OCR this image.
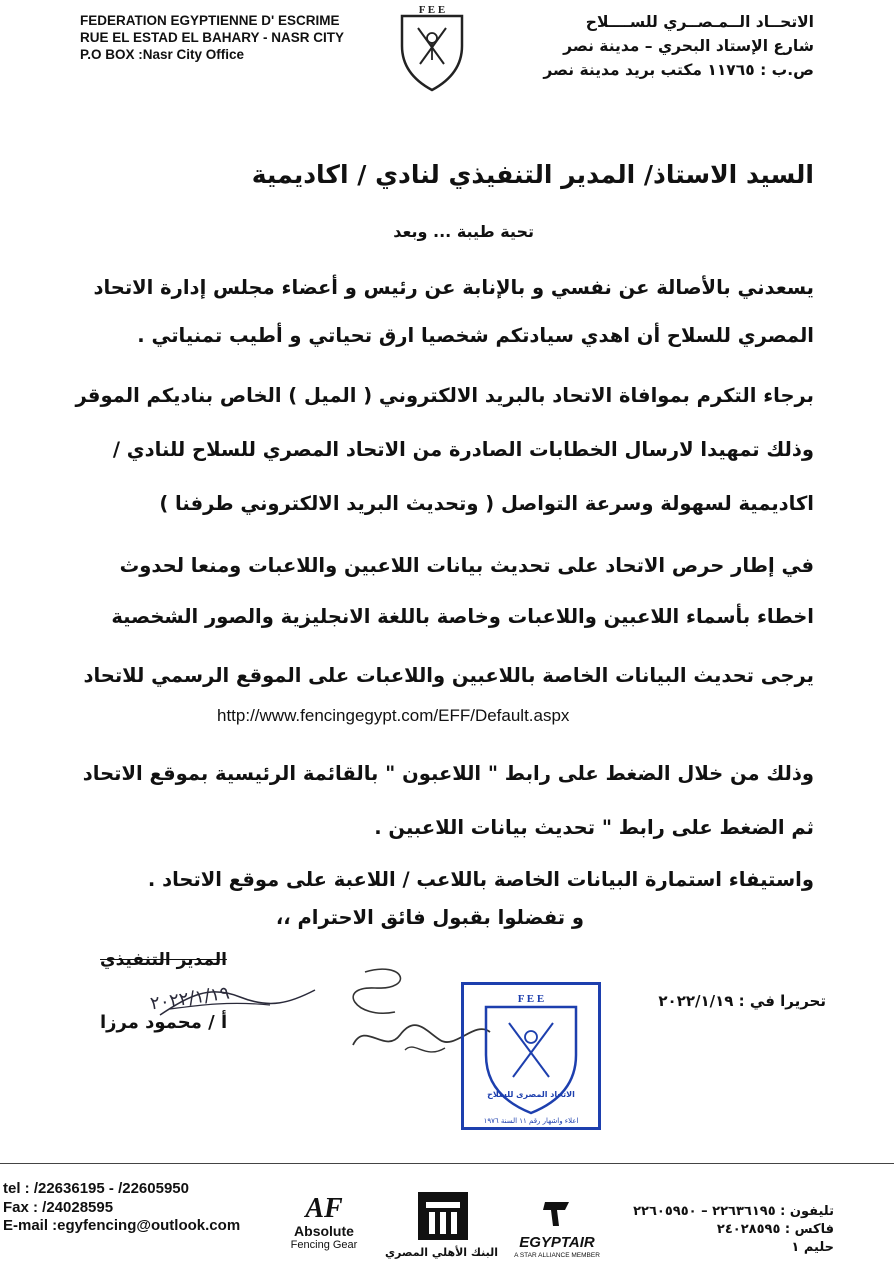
FEDERATION EGYPTIENNE D' ESCRIME
RUE EL ESTAD EL BAHARY - NASR CITY
P.O BOX :Nasr City Office
F E E
الاتحــاد الــمـصــري للســــلاح
شارع الإستاد البحري – مدينة نصر
ص.ب : ١١٧٦٥ مكتب بريد مدينة نصر
السيد الاستاذ/ المدير التنفيذي لنادي / اكاديمية
تحية طيبة ... وبعد
يسعدني بالأصالة عن نفسي و بالإنابة عن رئيس و أعضاء مجلس إدارة الاتحاد
المصري للسلاح أن اهدي سيادتكم شخصيا ارق تحياتي و أطيب تمنياتي .
برجاء التكرم بموافاة الاتحاد بالبريد الالكتروني ( الميل ) الخاص بناديكم الموقر
وذلك تمهيدا لارسال الخطابات الصادرة من الاتحاد المصري للسلاح للنادي /
اكاديمية لسهولة وسرعة التواصل ( وتحديث البريد الالكتروني طرفنا )
في إطار حرص الاتحاد على تحديث بيانات اللاعبين واللاعبات ومنعا لحدوث
اخطاء بأسماء اللاعبين واللاعبات وخاصة باللغة الانجليزية والصور الشخصية
يرجى تحديث البيانات الخاصة باللاعبين واللاعبات على الموقع الرسمي للاتحاد
http://www.fencingegypt.com/EFF/Default.aspx
وذلك من خلال الضغط على رابط " اللاعبون " بالقائمة الرئيسية بموقع الاتحاد
ثم الضغط على رابط " تحديث بيانات اللاعبين .
واستيفاء استمارة البيانات الخاصة باللاعب / اللاعبة على موقع الاتحاد .
و تفضلوا بقبول فائق الاحترام ،،
المدير التنفيذي
٢٠٢٢/١/١٩
أ / محمود مرزا
تحريرا في : ٢٠٢٢/١/١٩
F E E
الاتحاد المصرى للسلاح
اعلاء واشهار رقم ١١ السنة ١٩٧٦
tel : /22636195 - /22605950
Fax : /24028595
E-mail :egyfencing@outlook.com
AF
Absolute
Fencing Gear
البنك الأهلي المصري
EGYPTAIR
A STAR ALLIANCE MEMBER
تليفون : ٢٢٦٣٦١٩٥ – ٢٢٦٠٥٩٥٠
فاكس : ٢٤٠٢٨٥٩٥
حليم ١
